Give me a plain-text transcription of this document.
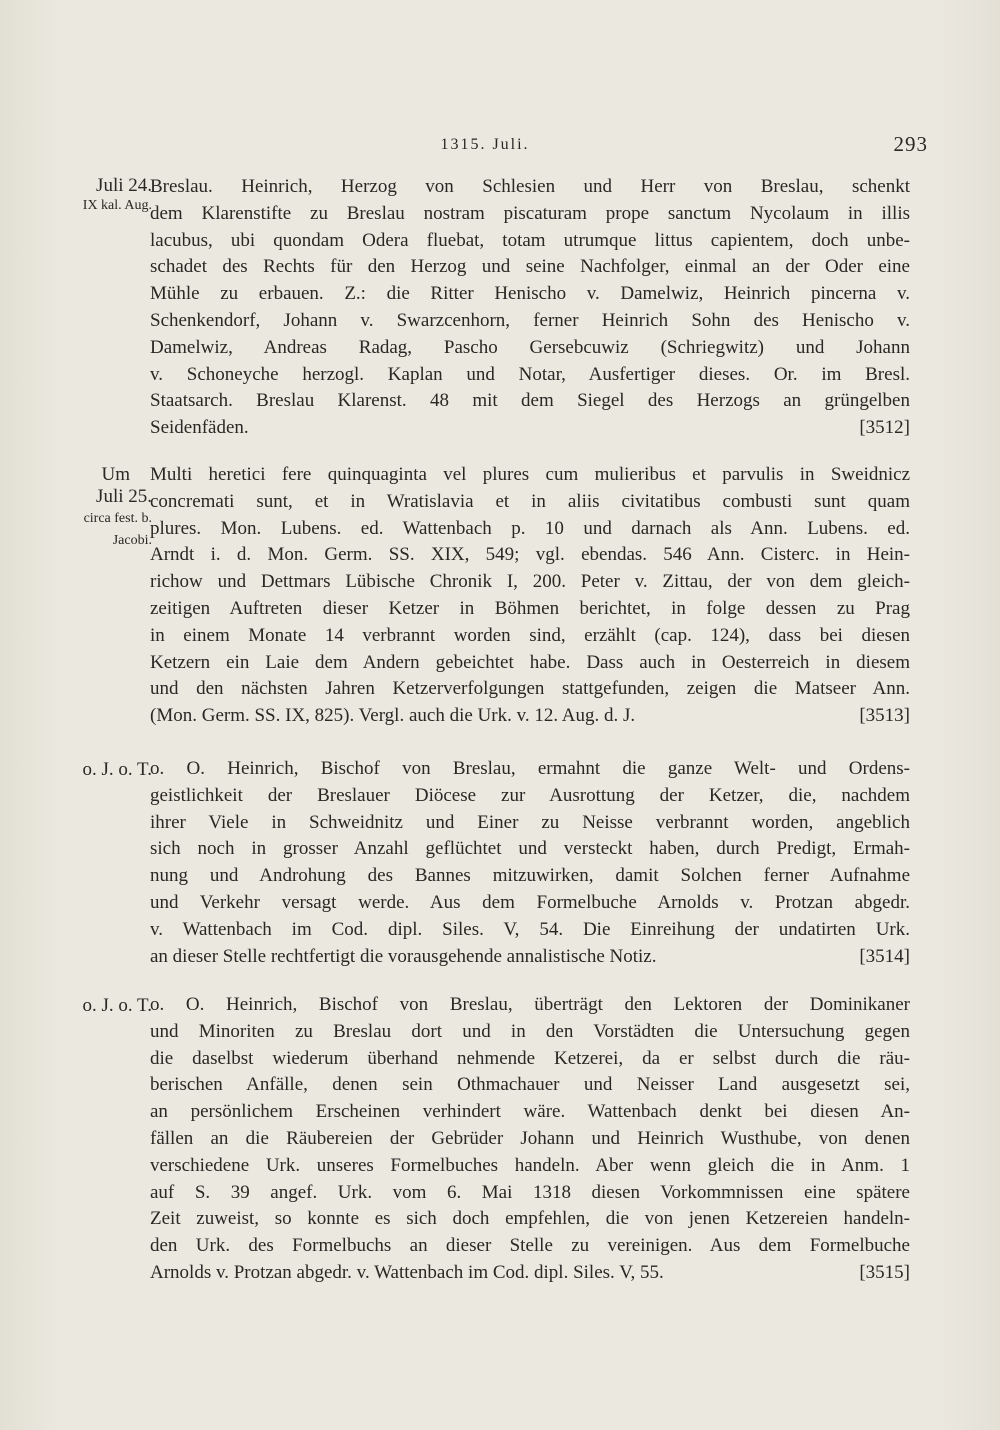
1315. Juli.	293
Juli 24.
IX kal. Aug.
Breslau. Heinrich, Herzog von Schlesien und Herr von Breslau, schenkt
dem Klarenstifte zu Breslau nostram piscaturam prope sanctum Nycolaum in illis
lacubus, ubi quondam Odera fluebat, totam utrumque littus capientem, doch unbe-
schadet des Rechts für den Herzog und seine Nachfolger, einmal an der Oder eine
Mühle zu erbauen. Z.: die Ritter Henischo v. Damelwiz, Heinrich pincerna v.
Schenkendorf, Johann v. Swarzcenhorn, ferner Heinrich Sohn des Henischo v.
Damelwiz, Andreas Radag, Pascho Gersebcuwiz (Schriegwitz) und Johann
v. Schoneyche herzogl. Kaplan und Notar, Ausfertiger dieses. Or. im Bresl.
Staatsarch. Breslau Klarenst. 48 mit dem Siegel des Herzogs an grüngelben
Seidenfäden.	[3512]
Um
Juli 25.
circa fest. b.
Jacobi.
Multi heretici fere quinquaginta vel plures cum mulieribus et parvulis in Sweidnicz
concremati sunt, et in Wratislavia et in aliis civitatibus combusti sunt quam
plures. Mon. Lubens. ed. Wattenbach p. 10 und darnach als Ann. Lubens. ed.
Arndt i. d. Mon. Germ. SS. XIX, 549; vgl. ebendas. 546 Ann. Cisterc. in Hein-
richow und Dettmars Lübische Chronik I, 200. Peter v. Zittau, der von dem gleich-
zeitigen Auftreten dieser Ketzer in Böhmen berichtet, in folge dessen zu Prag
in einem Monate 14 verbrannt worden sind, erzählt (cap. 124), dass bei diesen
Ketzern ein Laie dem Andern gebeichtet habe. Dass auch in Oesterreich in diesem
und den nächsten Jahren Ketzerverfolgungen stattgefunden, zeigen die Matseer Ann.
(Mon. Germ. SS. IX, 825). Vergl. auch die Urk. v. 12. Aug. d. J.	[3513]
o. J. o. T.
o. O. Heinrich, Bischof von Breslau, ermahnt die ganze Welt- und Ordens-
geistlichkeit der Breslauer Diöcese zur Ausrottung der Ketzer, die, nachdem
ihrer Viele in Schweidnitz und Einer zu Neisse verbrannt worden, angeblich
sich noch in grosser Anzahl geflüchtet und versteckt haben, durch Predigt, Ermah-
nung und Androhung des Bannes mitzuwirken, damit Solchen ferner Aufnahme
und Verkehr versagt werde. Aus dem Formelbuche Arnolds v. Protzan abgedr.
v. Wattenbach im Cod. dipl. Siles. V, 54. Die Einreihung der undatirten Urk.
an dieser Stelle rechtfertigt die vorausgehende annalistische Notiz.	[3514]
o. J. o. T.
o. O. Heinrich, Bischof von Breslau, überträgt den Lektoren der Dominikaner
und Minoriten zu Breslau dort und in den Vorstädten die Untersuchung gegen
die daselbst wiederum überhand nehmende Ketzerei, da er selbst durch die räu-
berischen Anfälle, denen sein Othmachauer und Neisser Land ausgesetzt sei,
an persönlichem Erscheinen verhindert wäre. Wattenbach denkt bei diesen An-
fällen an die Räubereien der Gebrüder Johann und Heinrich Wusthube, von denen
verschiedene Urk. unseres Formelbuches handeln. Aber wenn gleich die in Anm. 1
auf S. 39 angef. Urk. vom 6. Mai 1318 diesen Vorkommnissen eine spätere
Zeit zuweist, so konnte es sich doch empfehlen, die von jenen Ketzereien handeln-
den Urk. des Formelbuchs an dieser Stelle zu vereinigen. Aus dem Formelbuche
Arnolds v. Protzan abgedr. v. Wattenbach im Cod. dipl. Siles. V, 55.	[3515]
